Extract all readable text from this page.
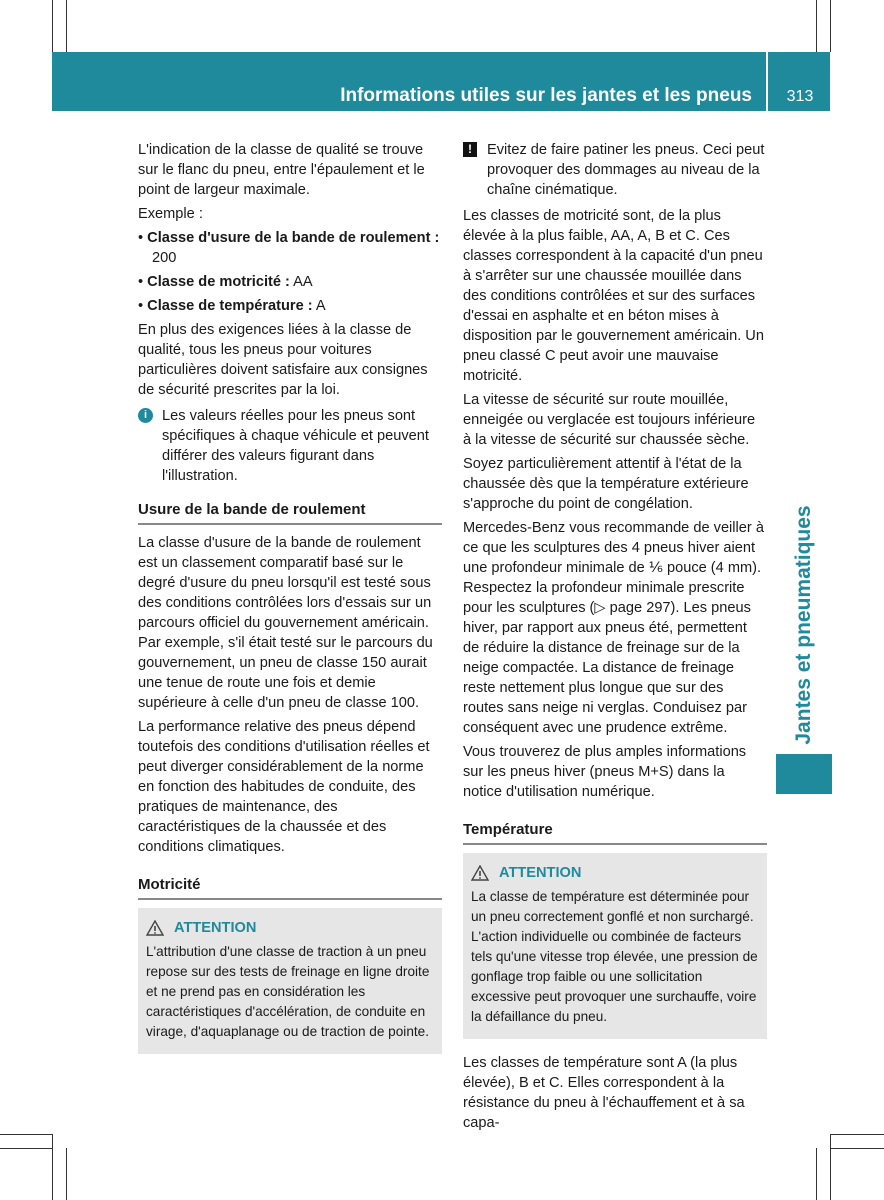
Informations utiles sur les jantes et les pneus	313
Jantes et pneumatiques

L'indication de la classe de qualité se trouve sur le flanc du pneu, entre l'épaulement et le point de largeur maximale.

Exemple :

• Classe d'usure de la bande de roulement : 200
• Classe de motricité : AA
• Classe de température : A

En plus des exigences liées à la classe de qualité, tous les pneus pour voitures particulières doivent satisfaire aux consignes de sécurité prescrites par la loi.

i	Les valeurs réelles pour les pneus sont spécifiques à chaque véhicule et peuvent différer des valeurs figurant dans l'illustration.
Usure de la bande de roulement

La classe d'usure de la bande de roulement est un classement comparatif basé sur le degré d'usure du pneu lorsqu'il est testé sous des conditions contrôlées lors d'essais sur un parcours officiel du gouvernement américain. Par exemple, s'il était testé sur le parcours du gouvernement, un pneu de classe 150 aurait une tenue de route une fois et demie supérieure à celle d'un pneu de classe 100.

La performance relative des pneus dépend toutefois des conditions d'utilisation réelles et peut diverger considérablement de la norme en fonction des habitudes de conduite, des pratiques de maintenance, des caractéristiques de la chaussée et des conditions climatiques.

Motricité
ATTENTION
L'attribution d'une classe de traction à un pneu repose sur des tests de freinage en ligne droite et ne prend pas en considération les caractéristiques d'accélération, de conduite en virage, d'aquaplanage ou de traction de pointe.
!	Evitez de faire patiner les pneus. Ceci peut provoquer des dommages au niveau de la chaîne cinématique.

Les classes de motricité sont, de la plus élevée à la plus faible, AA, A, B et C. Ces classes correspondent à la capacité d'un pneu à s'arrêter sur une chaussée mouillée dans des conditions contrôlées et sur des surfaces d'essai en asphalte et en béton mises à disposition par le gouvernement américain. Un pneu classé C peut avoir une mauvaise motricité.

La vitesse de sécurité sur route mouillée, enneigée ou verglacée est toujours inférieure à la vitesse de sécurité sur chaussée sèche.

Soyez particulièrement attentif à l'état de la chaussée dès que la température extérieure s'approche du point de congélation.

Mercedes-Benz vous recommande de veiller à ce que les sculptures des 4 pneus hiver aient une profondeur minimale de ⅙ pouce (4 mm). Respectez la profondeur minimale prescrite pour les sculptures (▷ page 297). Les pneus hiver, par rapport aux pneus été, permettent de réduire la distance de freinage sur de la neige compactée. La distance de freinage reste nettement plus longue que sur des routes sans neige ni verglas. Conduisez par conséquent avec une prudence extrême.

Vous trouverez de plus amples informations sur les pneus hiver (pneus M+S) dans la notice d'utilisation numérique.

Température
ATTENTION
La classe de température est déterminée pour un pneu correctement gonflé et non surchargé. L'action individuelle ou combinée de facteurs tels qu'une vitesse trop élevée, une pression de gonflage trop faible ou une sollicitation excessive peut provoquer une surchauffe, voire la défaillance du pneu.

Les classes de température sont A (la plus élevée), B et C. Elles correspondent à la résistance du pneu à l'échauffement et à sa capa-
